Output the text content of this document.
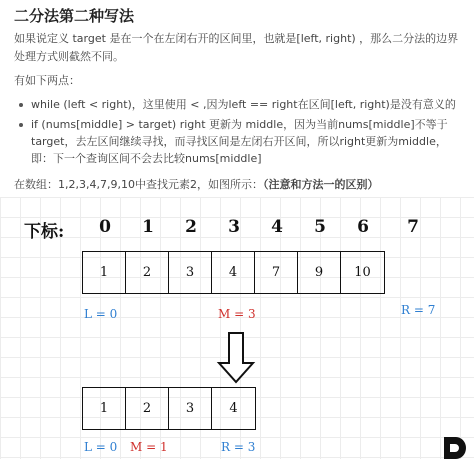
二分法第二种写法

如果说定义 target 是在一个在左闭右开的区间里，也就是[left, right) ，那么二分法的边界处理方式则截然不同。

有如下两点：

while (left < right)，这里使用 < ,因为left == right在区间[left, right)是没有意义的
if (nums[middle] > target) right 更新为 middle，因为当前nums[middle]不等于target，去左区间继续寻找，而寻找区间是左闭右开区间，所以right更新为middle，即：下一个查询区间不会去比较nums[middle]

在数组：1,2,3,4,7,9,10中查找元素2，如图所示：（注意和方法一的区别）

下标:	0	1	2	3	4	5	6	7
1	2	3	4	7	9	10
L = 0	M = 3	R = 7
1	2	3	4
L = 0 M = 1	R = 3
